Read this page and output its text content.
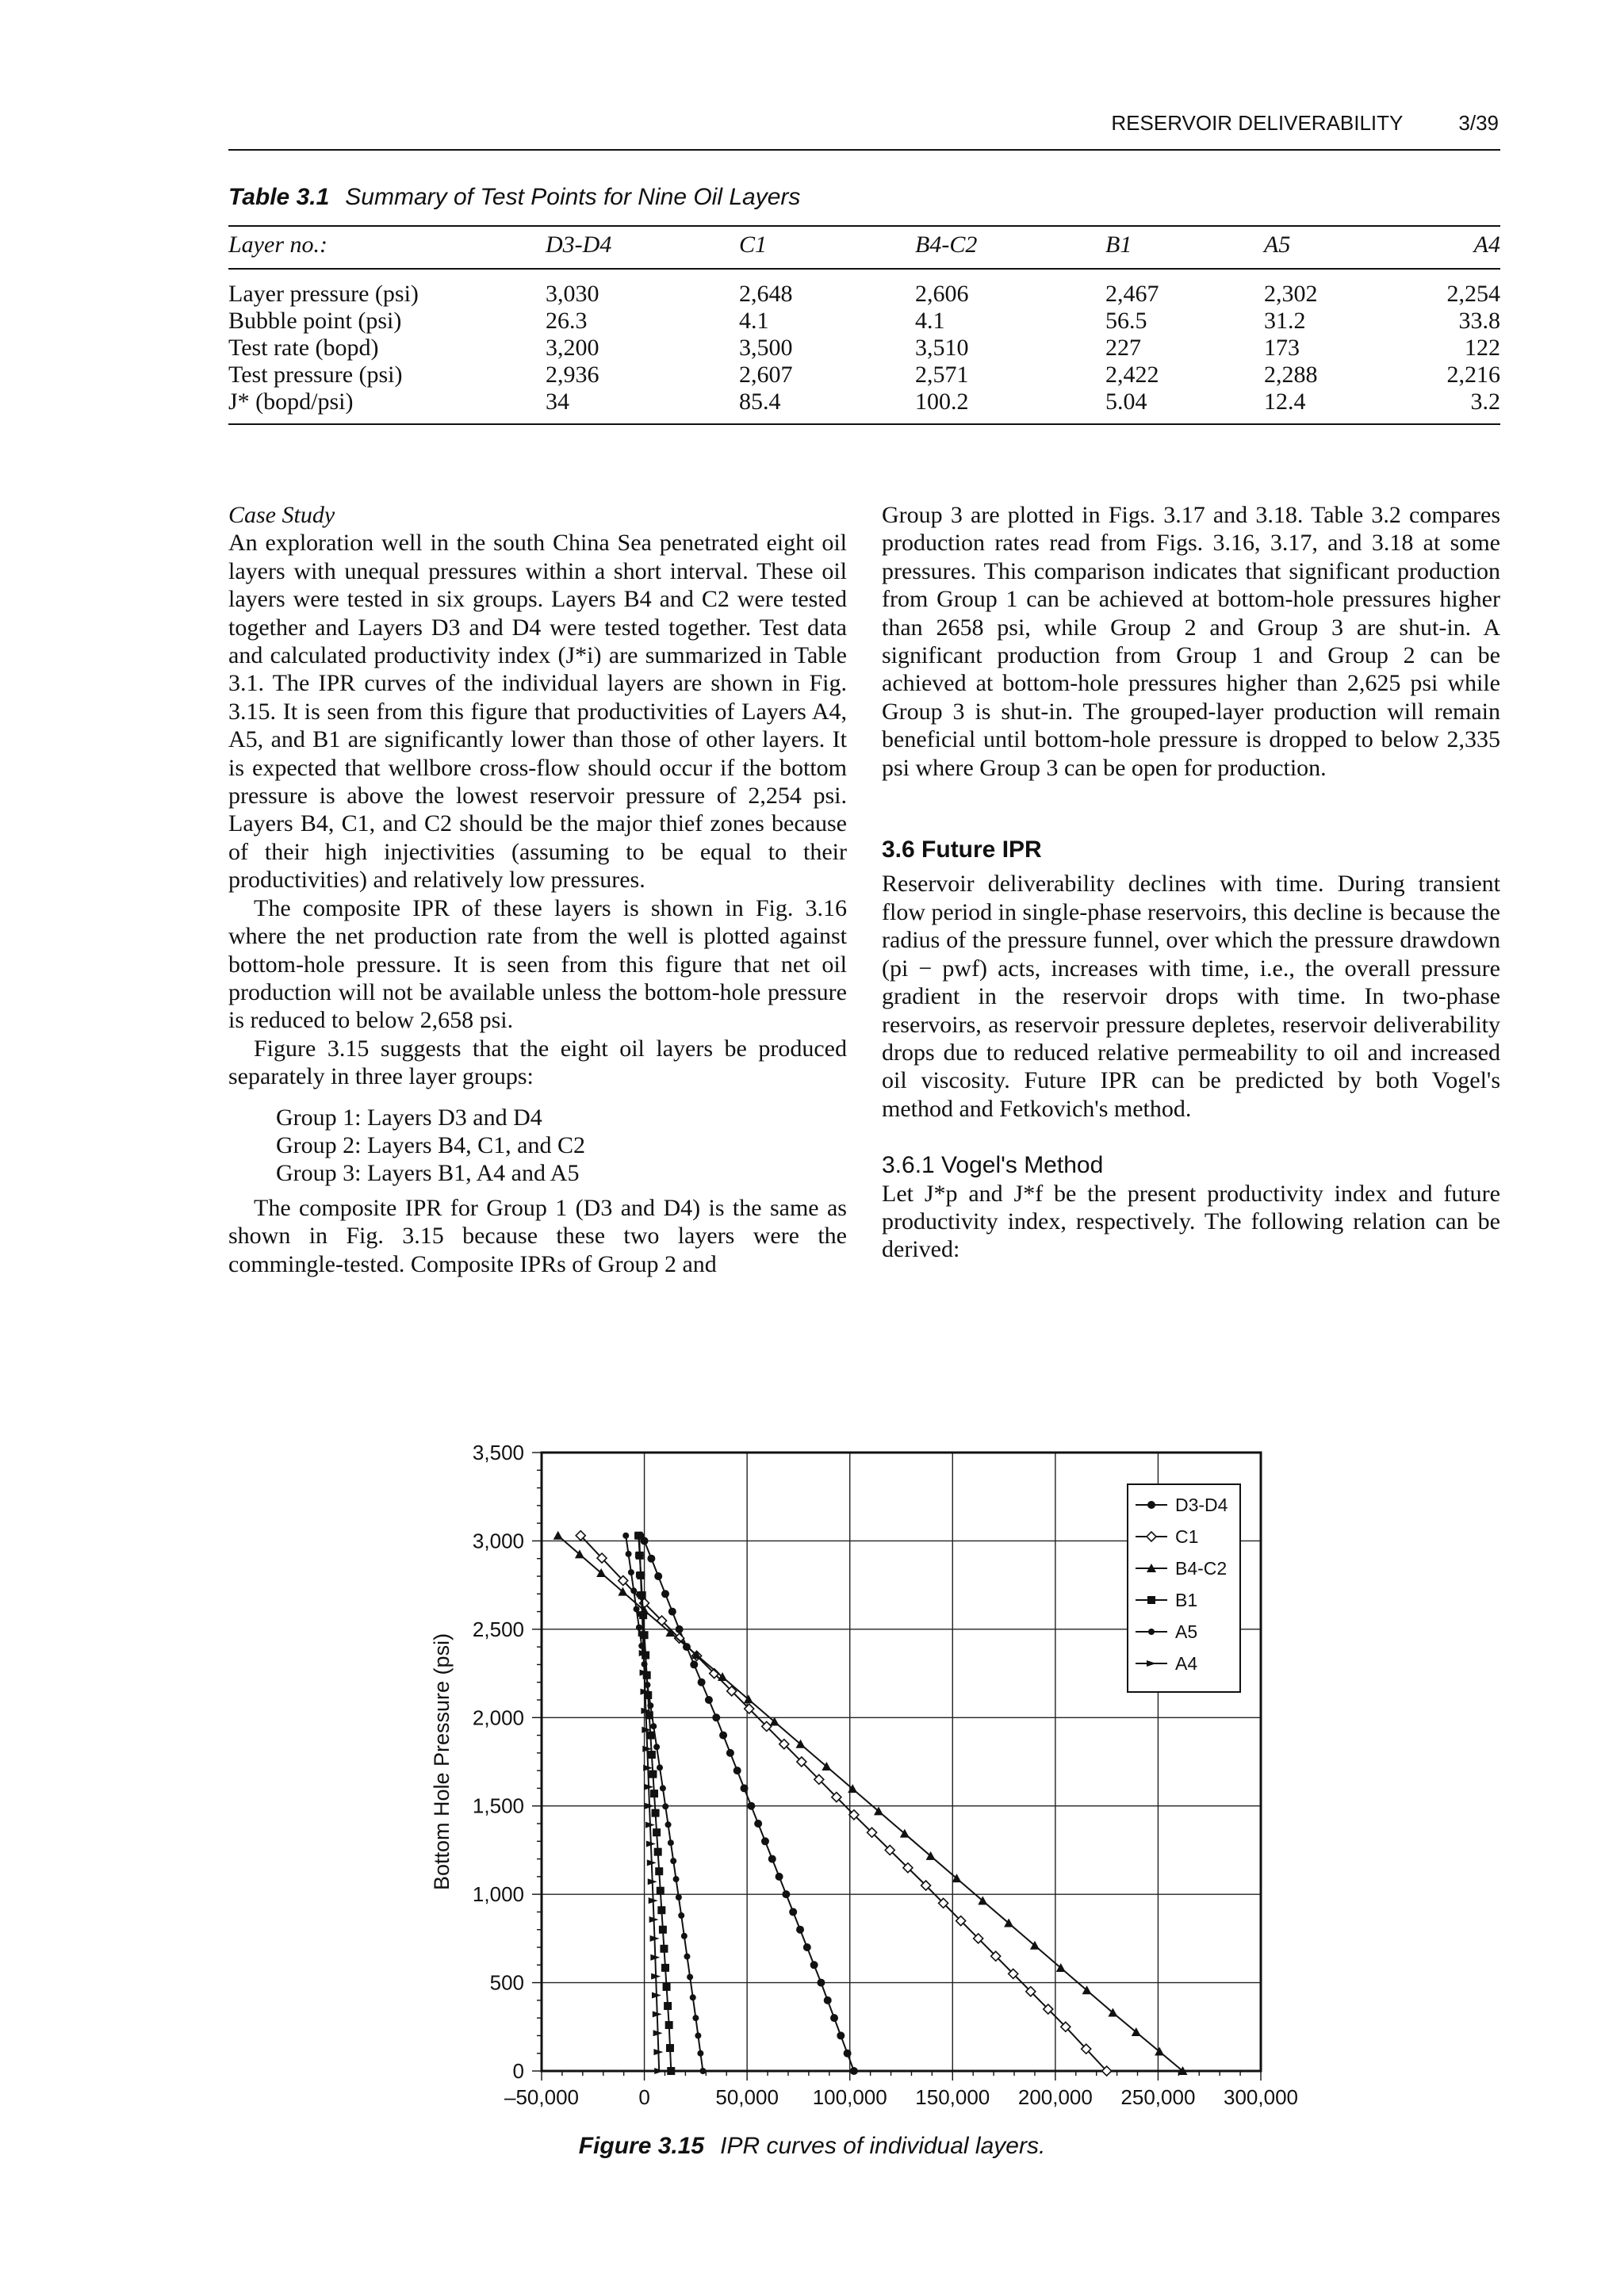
RESERVOIR DELIVERABILITY	3/39
Table 3.1 Summary of Test Points for Nine Oil Layers
Layer no.:	D3-D4	C1	B4-C2	B1	A5	A4

Layer pressure (psi)	3,030	2,648	2,606	2,467	2,302	2,254
Bubble point (psi)	26.3	4.1	4.1	56.5	31.2	33.8
Test rate (bopd)	3,200	3,500	3,510	227	173	122
Test pressure (psi)	2,936	2,607	2,571	2,422	2,288	2,216
J* (bopd/psi)	34	85.4	100.2	5.04	12.4	3.2

Case Study

An exploration well in the south China Sea penetrated eight oil layers with unequal pressures within a short interval. These oil layers were tested in six groups. Layers B4 and C2 were tested together and Layers D3 and D4 were tested together. Test data and calculated productivity index (J*i) are summarized in Table 3.1. The IPR curves of the individual layers are shown in Fig. 3.15. It is seen from this figure that productivities of Layers A4, A5, and B1 are significantly lower than those of other layers. It is expected that wellbore cross-flow should occur if the bottom pressure is above the lowest reservoir pressure of 2,254 psi. Layers B4, C1, and C2 should be the major thief zones because of their high injectivities (assuming to be equal to their productivities) and relatively low pressures.

The composite IPR of these layers is shown in Fig. 3.16 where the net production rate from the well is plotted against bottom-hole pressure. It is seen from this figure that net oil production will not be available unless the bottom-hole pressure is reduced to below 2,658 psi.

Figure 3.15 suggests that the eight oil layers be produced separately in three layer groups:

Group 1: Layers D3 and D4

Group 2: Layers B4, C1, and C2

Group 3: Layers B1, A4 and A5

The composite IPR for Group 1 (D3 and D4) is the same as shown in Fig. 3.15 because these two layers were the commingle-tested. Composite IPRs of Group 2 and

Group 3 are plotted in Figs. 3.17 and 3.18. Table 3.2 compares production rates read from Figs. 3.16, 3.17, and 3.18 at some pressures. This comparison indicates that significant production from Group 1 can be achieved at bottom-hole pressures higher than 2658 psi, while Group 2 and Group 3 are shut-in. A significant production from Group 1 and Group 2 can be achieved at bottom-hole pressures higher than 2,625 psi while Group 3 is shut-in. The grouped-layer production will remain beneficial until bottom-hole pressure is dropped to below 2,335 psi where Group 3 can be open for production.

3.6 Future IPR

Reservoir deliverability declines with time. During transient flow period in single-phase reservoirs, this decline is because the radius of the pressure funnel, over which the pressure drawdown (pi − pwf) acts, increases with time, i.e., the overall pressure gradient in the reservoir drops with time. In two-phase reservoirs, as reservoir pressure depletes, reservoir deliverability drops due to reduced relative permeability to oil and increased oil viscosity. Future IPR can be predicted by both Vogel's method and Fetkovich's method.

3.6.1 Vogel's Method

Let J*p and J*f be the present productivity index and future productivity index, respectively. The following relation can be derived:

0
500
1,000
1,500
2,000
2,500
3,000
3,500
–50,000	0	50,000 100,000 150,000 200,000 250,000 300,000
Bottom Hole Pressure (psi)
D3-D4
C1
B4-C2
B1
A5
A4
Figure 3.15 IPR curves of individual layers.
